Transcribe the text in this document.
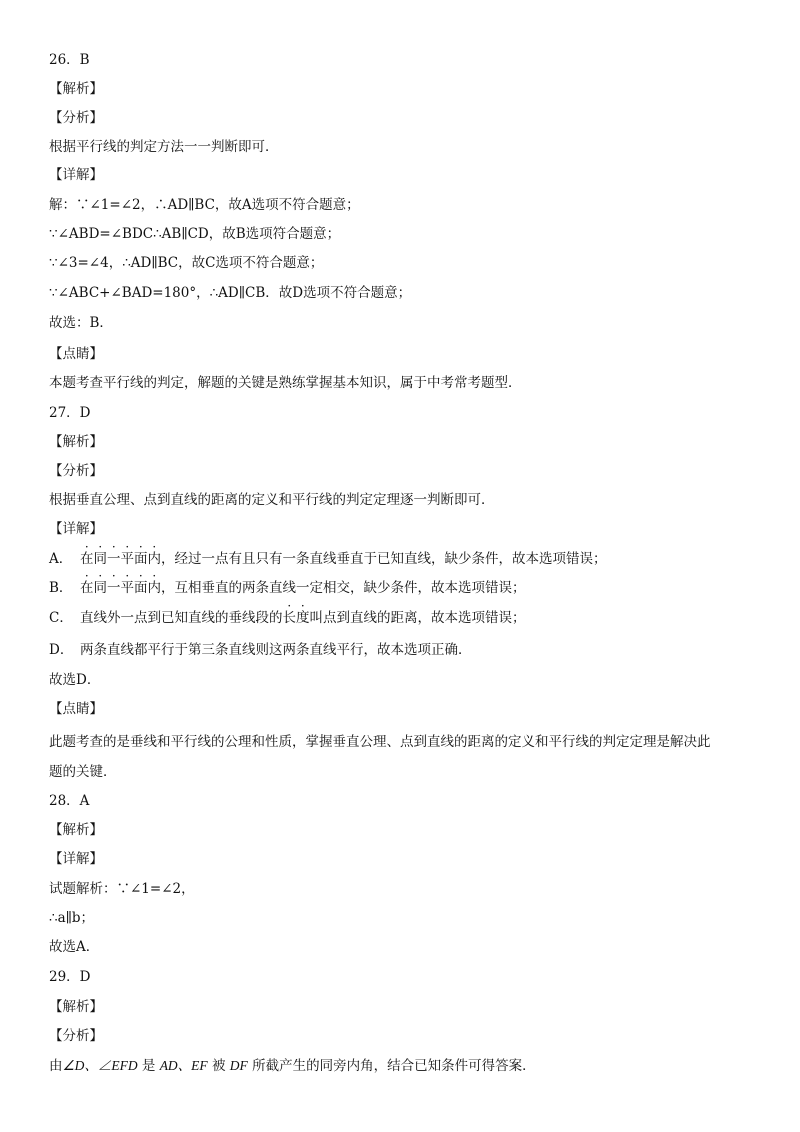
26．B
【解析】
【分析】
根据平行线的判定方法一一判断即可．
【详解】
解：∵∠1=∠2，∴AD∥BC，故A选项不符合题意；
∵∠ABD=∠BDC∴AB∥CD，故B选项符合题意；
∵∠3=∠4，∴AD∥BC，故C选项不符合题意；
∵∠ABC+∠BAD=180°，∴AD∥CB．故D选项不符合题意；
故选：B．
【点睛】
本题考查平行线的判定，解题的关键是熟练掌握基本知识，属于中考常考题型．
27．D
【解析】
【分析】
根据垂直公理、点到直线的距离的定义和平行线的判定定理逐一判断即可．
【详解】
A． 在同一平面内，经过一点有且只有一条直线垂直于已知直线，缺少条件，故本选项错误；
B． 在同一平面内，互相垂直的两条直线一定相交，缺少条件，故本选项错误；
C． 直线外一点到已知直线的垂线段的长度叫点到直线的距离，故本选项错误；
D． 两条直线都平行于第三条直线则这两条直线平行，故本选项正确．
故选D．
【点睛】
此题考查的是垂线和平行线的公理和性质，掌握垂直公理、点到直线的距离的定义和平行线的判定定理是解决此
题的关键．
28．A
【解析】
【详解】
试题解析：∵∠1=∠2，
∴a∥b；
故选A．
29．D
【解析】
【分析】
由∠D、∠EFD 是 AD、EF 被 DF 所截产生的同旁内角，结合已知条件可得答案．
